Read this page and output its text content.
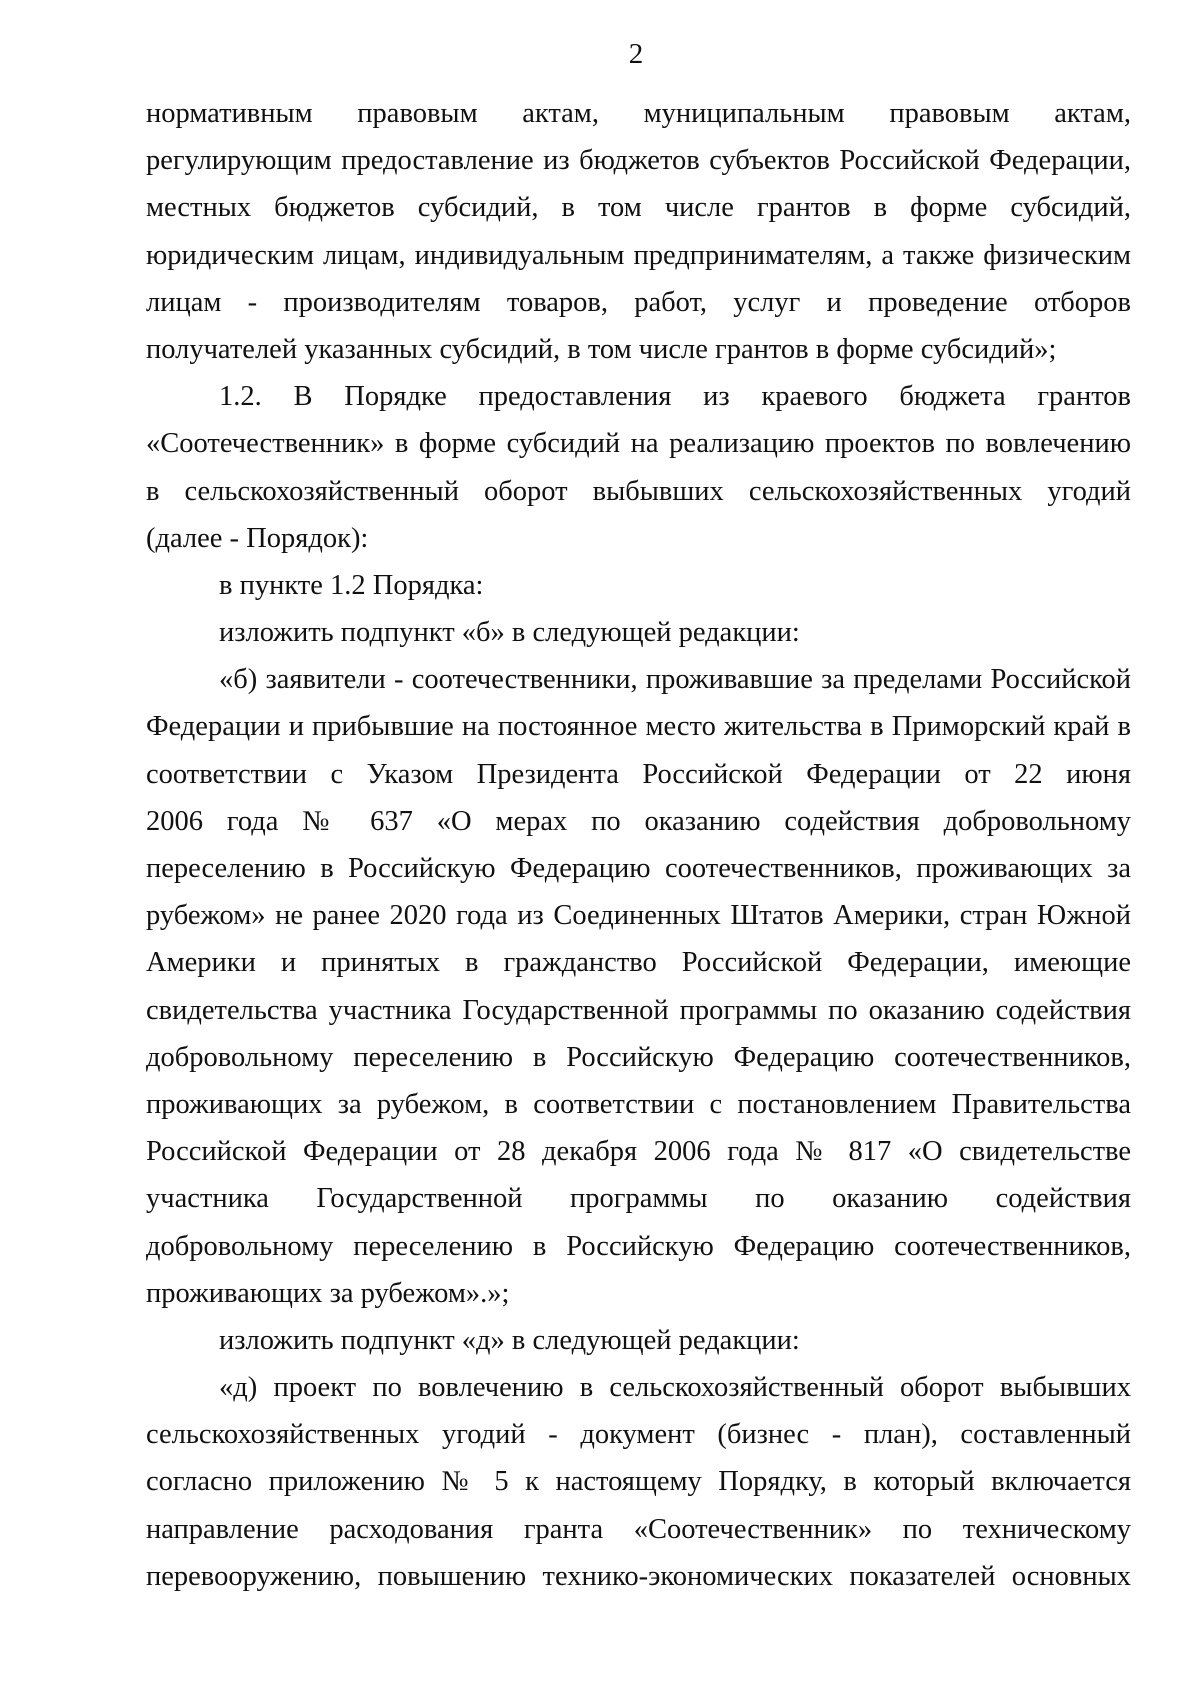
2
нормативным правовым актам, муниципальным правовым актам,
регулирующим предоставление из бюджетов субъектов Российской Федерации,
местных бюджетов субсидий, в том числе грантов в форме субсидий,
юридическим лицам, индивидуальным предпринимателям, а также физическим
лицам - производителям товаров, работ, услуг и проведение отборов
получателей указанных субсидий, в том числе грантов в форме субсидий»;
1.2. В Порядке предоставления из краевого бюджета грантов
«Соотечественник» в форме субсидий на реализацию проектов по вовлечению
в сельскохозяйственный оборот выбывших сельскохозяйственных угодий
(далее - Порядок):
в пункте 1.2 Порядка:
изложить подпункт «б» в следующей редакции:
«б) заявители - соотечественники, проживавшие за пределами Российской
Федерации и прибывшие на постоянное место жительства в Приморский край в
соответствии с Указом Президента Российской Федерации от 22 июня
2006 года № 637 «О мерах по оказанию содействия добровольному
переселению в Российскую Федерацию соотечественников, проживающих за
рубежом» не ранее 2020 года из Соединенных Штатов Америки, стран Южной
Америки и принятых в гражданство Российской Федерации, имеющие
свидетельства участника Государственной программы по оказанию содействия
добровольному переселению в Российскую Федерацию соотечественников,
проживающих за рубежом, в соответствии с постановлением Правительства
Российской Федерации от 28 декабря 2006 года № 817 «О свидетельстве
участника Государственной программы по оказанию содействия
добровольному переселению в Российскую Федерацию соотечественников,
проживающих за рубежом».»;
изложить подпункт «д» в следующей редакции:
«д) проект по вовлечению в сельскохозяйственный оборот выбывших
сельскохозяйственных угодий - документ (бизнес - план), составленный
согласно приложению № 5 к настоящему Порядку, в который включается
направление расходования гранта «Соотечественник» по техническому
перевооружению, повышению технико-экономических показателей основных
